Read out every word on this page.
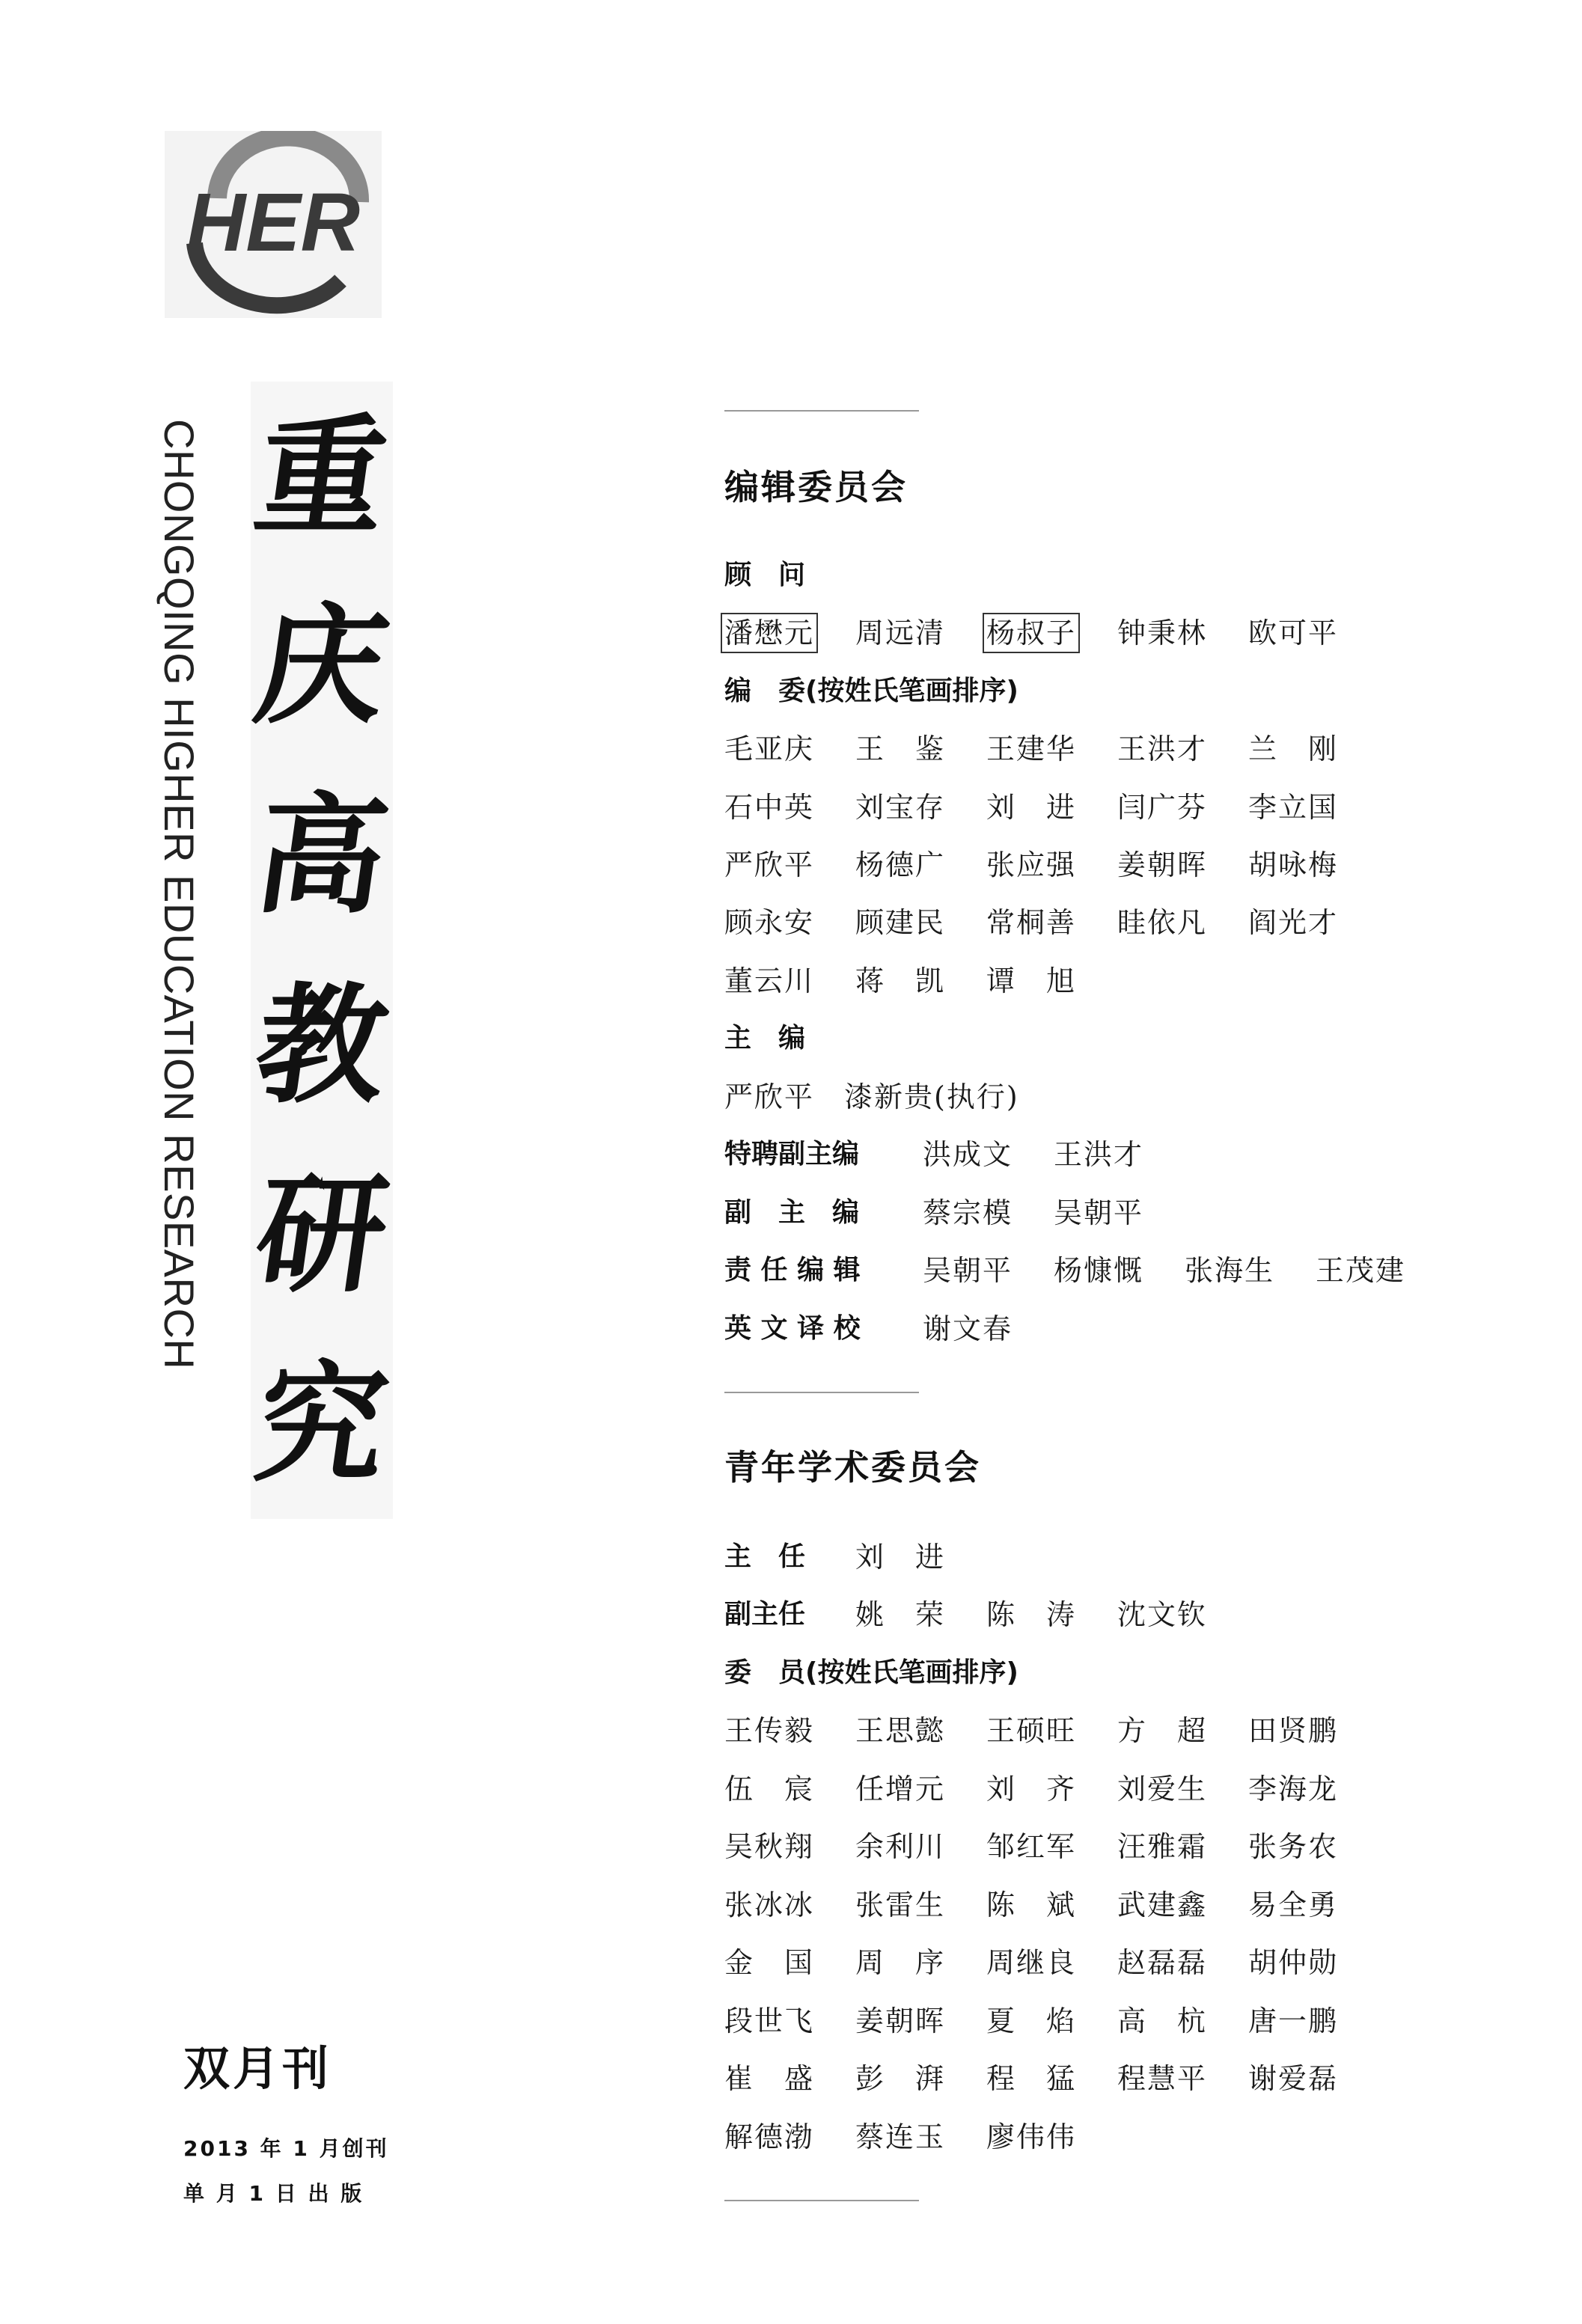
HER
CHONGQING HIGHER EDUCATION RESEARCH 重
庆
高
教
研
究
双月刊
2013 年 1 月创刊
单 月 1 日 出 版
编辑委员会
顾　问
潘懋元	周远清	杨叔子	钟秉林	欧可平
编　委(按姓氏笔画排序)
毛亚庆	王　鉴	王建华	王洪才	兰　刚
石中英	刘宝存	刘　进	闫广芬	李立国
严欣平	杨德广	张应强	姜朝晖	胡咏梅
顾永安	顾建民	常桐善	眭依凡	阎光才
董云川	蒋　凯	谭　旭
主　编
严欣平　漆新贵(执行)
特聘副主编	洪成文	王洪才
副　主　编	蔡宗模	吴朝平
责 任 编 辑	吴朝平	杨慷慨	张海生	王茂建
英 文 译 校	谢文春
青年学术委员会
主　任	刘　进
副主任	姚　荣	陈　涛	沈文钦
委　员(按姓氏笔画排序)
王传毅	王思懿	王硕旺	方　超	田贤鹏
伍　宸	任增元	刘　齐	刘爱生	李海龙
吴秋翔	余利川	邹红军	汪雅霜	张务农
张冰冰	张雷生	陈　斌	武建鑫	易全勇
金　国	周　序	周继良	赵磊磊	胡仲勋
段世飞	姜朝晖	夏　焰	高　杭	唐一鹏
崔　盛	彭　湃	程　猛	程慧平	谢爱磊
解德渤	蔡连玉	廖伟伟
